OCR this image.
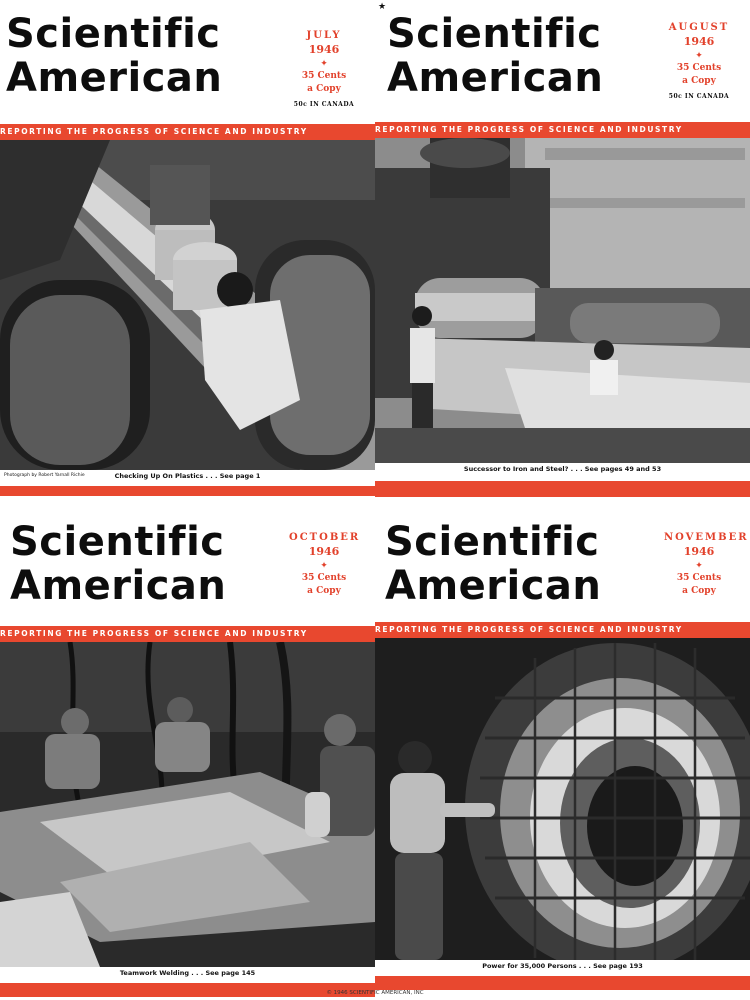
Scientific
American
JULY
1946
✦
35 Cents
a Copy
50c IN CANADA
REPORTING THE PROGRESS OF SCIENCE AND INDUSTRY
Photograph by Robert Yarnall Richie	Checking Up On Plastics . . . See page 1
★
Scientific
American
AUGUST
1946
✦
35 Cents
a Copy
50c IN CANADA
REPORTING THE PROGRESS OF SCIENCE AND INDUSTRY
Successor to Iron and Steel? . . . See pages 49 and 53
Scientific
American
OCTOBER
1946
✦
35 Cents
a Copy
REPORTING THE PROGRESS OF SCIENCE AND INDUSTRY
Teamwork Welding . . . See page 145
Scientific
American
NOVEMBER
1946
✦
35 Cents
a Copy
REPORTING THE PROGRESS OF SCIENCE AND INDUSTRY
Power for 35,000 Persons . . . See page 193
© 1946 SCIENTIFIC AMERICAN, INC
